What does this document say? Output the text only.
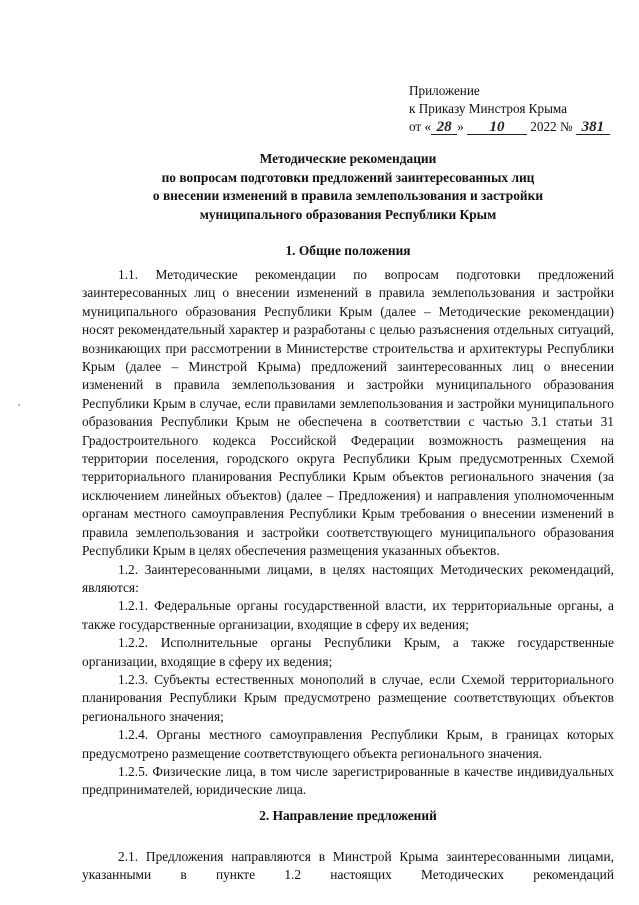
Приложение
к Приказу Минстроя Крыма
от « 28 » 10 2022 № 381
Методические рекомендации
по вопросам подготовки предложений заинтересованных лиц
о внесении изменений в правила землепользования и застройки
муниципального образования Республики Крым
1. Общие положения

1.1. Методические рекомендации по вопросам подготовки предложений заинтересованных лиц о внесении изменений в правила землепользования и застройки муниципального образования Республики Крым (далее – Методические рекомендации) носят рекомендательный характер и разработаны с целью разъяснения отдельных ситуаций, возникающих при рассмотрении в Министерстве строительства и архитектуры Республики Крым (далее – Минстрой Крыма) предложений заинтересованных лиц о внесении изменений в правила землепользования и застройки муниципального образования Республики Крым в случае, если правилами землепользования и застройки муниципального образования Республики Крым не обеспечена в соответствии с частью 3.1 статьи 31 Градостроительного кодекса Российской Федерации возможность размещения на территории поселения, городского округа Республики Крым предусмотренных Схемой территориального планирования Республики Крым объектов регионального значения (за исключением линейных объектов) (далее – Предложения) и направления уполномоченным органам местного самоуправления Республики Крым требования о внесении изменений в правила землепользования и застройки соответствующего муниципального образования Республики Крым в целях обеспечения размещения указанных объектов.

1.2. Заинтересованными лицами, в целях настоящих Методических рекомендаций, являются:

1.2.1. Федеральные органы государственной власти, их территориальные органы, а также государственные организации, входящие в сферу их ведения;

1.2.2. Исполнительные органы Республики Крым, а также государственные организации, входящие в сферу их ведения;

1.2.3. Субъекты естественных монополий в случае, если Схемой территориального планирования Республики Крым предусмотрено размещение соответствующих объектов регионального значения;

1.2.4. Органы местного самоуправления Республики Крым, в границах которых предусмотрено размещение соответствующего объекта регионального значения.

1.2.5. Физические лица, в том числе зарегистрированные в качестве индивидуальных предпринимателей, юридические лица.

2. Направление предложений

2.1. Предложения направляются в Минстрой Крыма заинтересованными лицами, указанными в пункте 1.2 настоящих Методических рекомендаций
